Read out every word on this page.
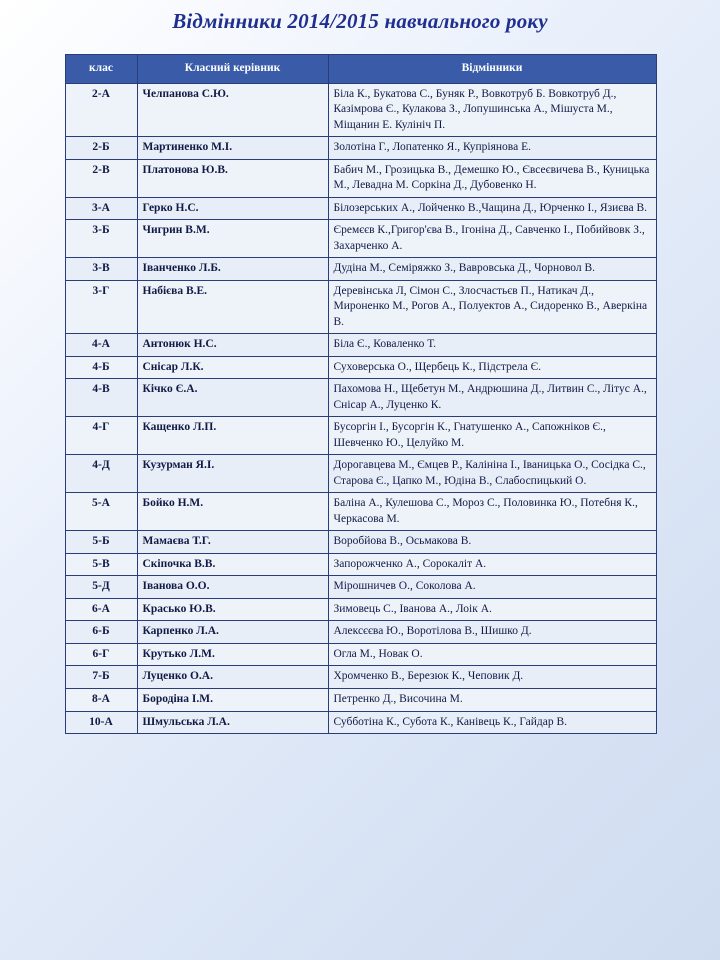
Відмінники 2014/2015 навчального року
клас	Класний керівник	Відмінники
2-А	Челпанова С.Ю.	Біла К., Букатова С., Буняк Р., Вовкотруб Б. Вовкотруб Д., Казімрова Є., Кулакова З., Лопушинська А., Мішуста М., Міщанин Е. Кулініч П.
2-Б	Мартиненко М.І.	Золотіна Г., Лопатенко Я., Купріянова Е.
2-В	Платонова Ю.В.	Бабич М., Грозицька В., Демешко Ю., Євсеєвичева В., Куницька М., Левадна М. Соркіна Д., Дубовенко Н.
3-А	Герко Н.С.	Білозерських А., Лойченко В.,Чащина Д., Юрченко І., Язиєва В.
3-Б	Чигрин В.М.	Єремєєв К.,Григор'єва В., Ігоніна Д., Савченко І., Побийвовк З., Захарченко А.
3-В	Іванченко Л.Б.	Дудіна М., Семіряжко З., Вавровська Д., Чорновол В.
3-Г	Набієва В.Е.	Деревінська Л, Сімон С., Злосчастьєв П., Натикач Д., Мироненко М., Рогов А., Полуектов А., Сидоренко В., Аверкіна В.
4-А	Антонюк Н.С.	Біла Є., Коваленко Т.
4-Б	Снісар Л.К.	Суховерська О., Щербець К., Підстрела Є.
4-В	Кічко Є.А.	Пахомова Н., Щебетун М., Андрюшина Д., Литвин С., Літус А., Снісар А., Луценко К.
4-Г	Кащенко Л.П.	Бусоргін І., Бусоргін К., Гнатушенко А., Сапожніков Є., Шевченко Ю., Целуйко М.
4-Д	Кузурман Я.І.	Дорогавцева М., Ємцев Р., Калініна І., Іваницька О., Сосідка С., Старова Є., Цапко М., Юдіна В., Слабоспицький О.
5-А	Бойко Н.М.	Баліна А., Кулешова С., Мороз С., Половинка Ю., Потебня К., Черкасова М.
5-Б	Мамаєва Т.Г.	Воробйова В., Осьмакова В.
5-В	Скіпочка В.В.	Запорожченко А., Сорокаліт А.
5-Д	Іванова О.О.	Мірошничев О., Соколова А.
6-А	Красько Ю.В.	Зимовець С., Іванова А., Лоік А.
6-Б	Карпенко Л.А.	Алексєєва Ю., Воротілова В., Шишко Д.
6-Г	Крутько Л.М.	Огла М., Новак О.
7-Б	Луценко О.А.	Хромченко В., Березюк К., Чеповик Д.
8-А	Бородіна І.М.	Петренко Д., Височина М.
10-А	Шмульська Л.А.	Субботіна К., Субота К., Канівець К., Гайдар В.
